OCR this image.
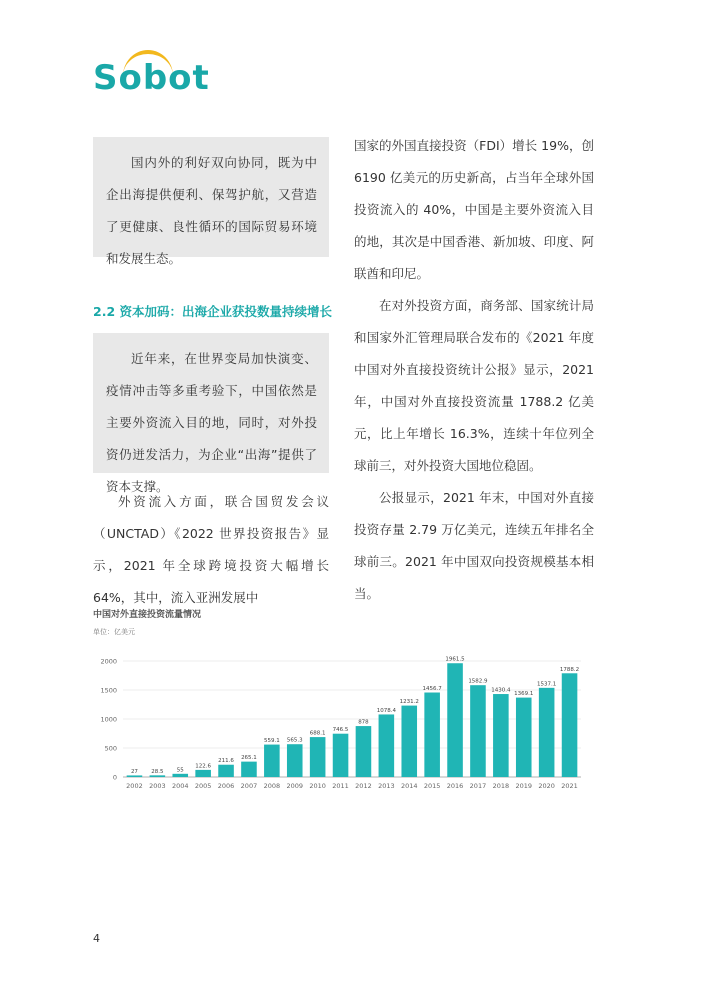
Sobot

国内外的利好双向协同，既为中企出海提供便利、保驾护航，又营造了更健康、良性循环的国际贸易环境和发展生态。

2.2 资本加码：出海企业获投数量持续增长

近年来，在世界变局加快演变、疫情冲击等多重考验下，中国依然是主要外资流入目的地，同时，对外投资仍迸发活力，为企业“出海”提供了资本支撑。

外资流入方面，联合国贸发会议（UNCTAD）《2022 世界投资报告》显示，2021 年全球跨境投资大幅增长 64%，其中，流入亚洲发展中

国家的外国直接投资（FDI）增长 19%，创 6190 亿美元的历史新高，占当年全球外国投资流入的 40%，中国是主要外资流入目的地，其次是中国香港、新加坡、印度、阿联酋和印尼。

在对外投资方面，商务部、国家统计局和国家外汇管理局联合发布的《2021 年度中国对外直接投资统计公报》显示，2021 年，中国对外直接投资流量 1788.2 亿美元，比上年增长 16.3%，连续十年位列全球前三，对外投资大国地位稳固。

公报显示，2021 年末，中国对外直接投资存量 2.79 万亿美元，连续五年排名全球前三。2021 年中国双向投资规模基本相当。

中国对外直接投资流量情况
单位：亿美元
0
500
1000
1500
2000
27
2002
28.5
2003
55
2004
122.6
2005
211.6
2006
265.1
2007
559.1
2008
565.3
2009
688.1
2010
746.5
2011
878
2012
1078.4
2013
1231.2
2014
1456.7
2015
1961.5
2016
1582.9
2017
1430.4
2018
1369.1
2019
1537.1
2020
1788.2
2021
4
